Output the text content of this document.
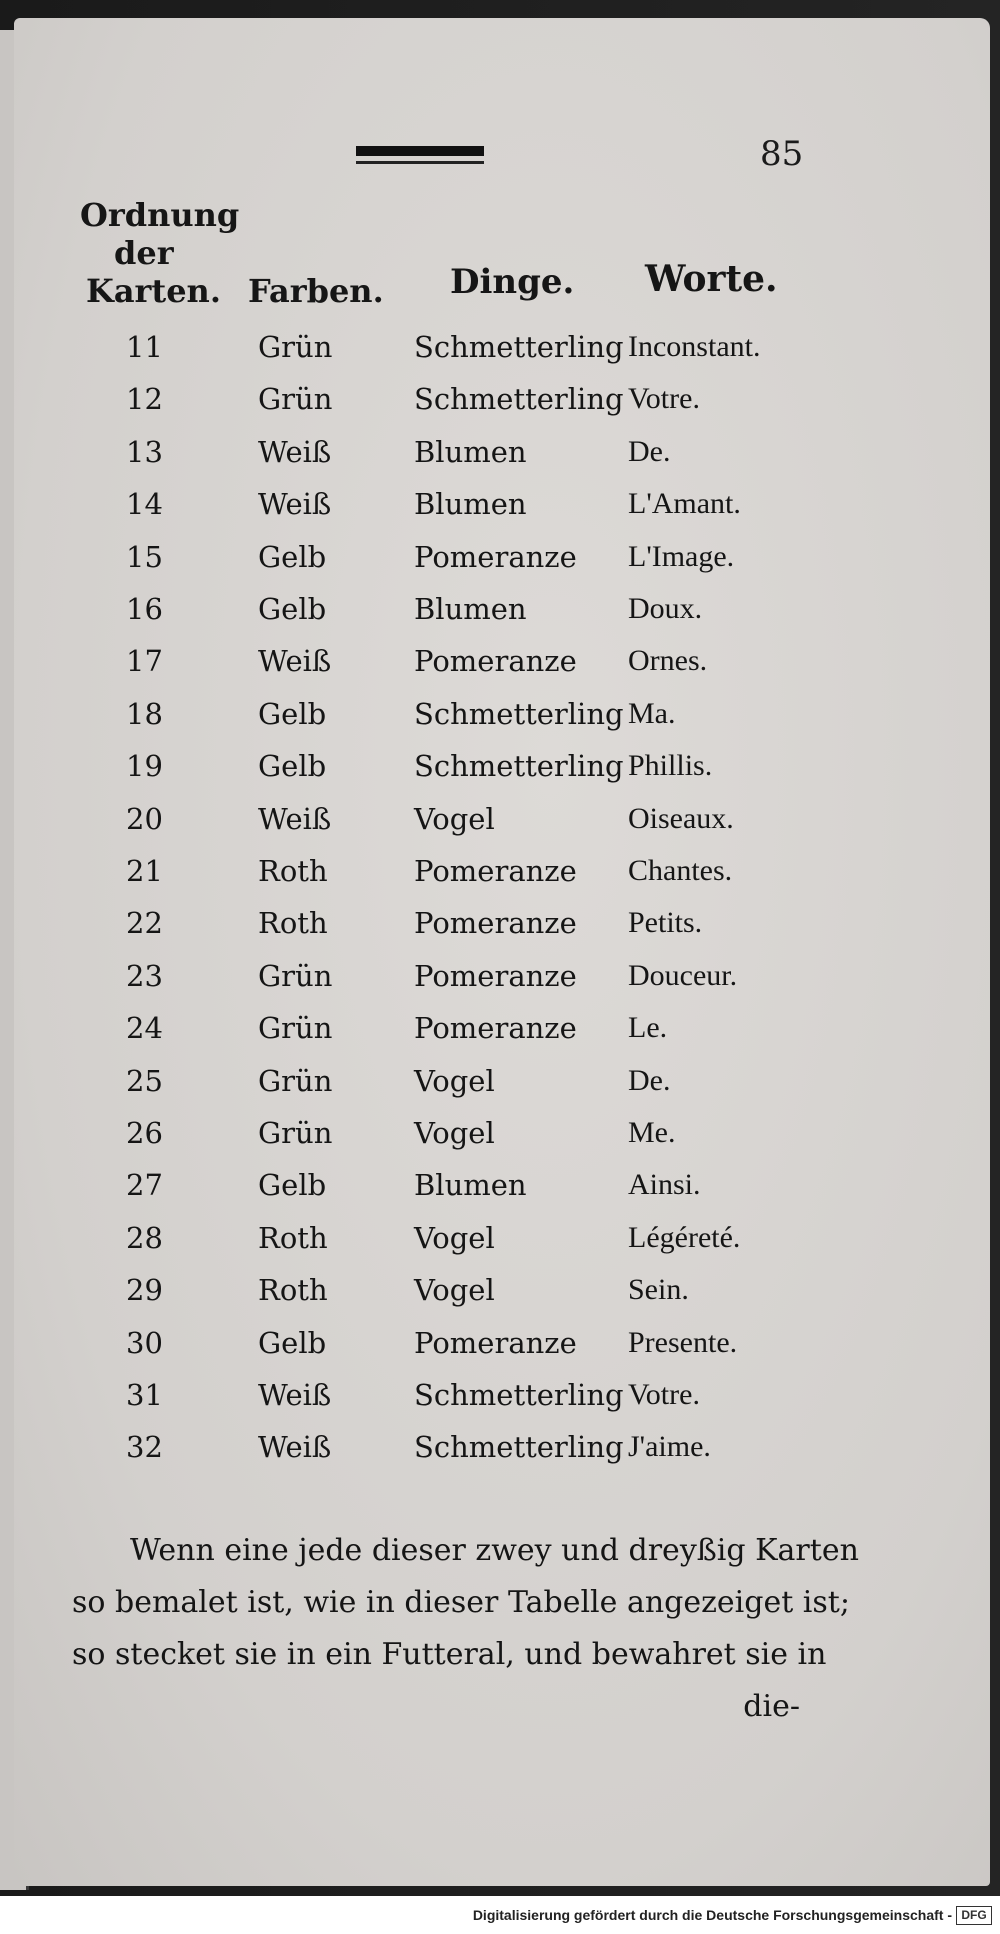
85
Ordnung
der
Karten. Farben. Dinge. Worte.
11	Grün	Schmetterling Inconstant.
12	Grün	Schmetterling Votre.
13	Weiß	Blumen	De.
14	Weiß	Blumen	L'Amant.
15	Gelb	Pomeranze L'Image.
16	Gelb	Blumen	Doux.
17	Weiß	Pomeranze Ornes.
18	Gelb	Schmetterling Ma.
19	Gelb	Schmetterling Phillis.
20	Weiß	Vogel	Oiseaux.
21	Roth	Pomeranze Chantes.
22	Roth	Pomeranze Petits.
23	Grün	Pomeranze Douceur.
24	Grün	Pomeranze Le.
25	Grün	Vogel	De.
26	Grün	Vogel	Me.
27	Gelb	Blumen	Ainsi.
28	Roth	Vogel	Légéreté.
29	Roth	Vogel	Sein.
30	Gelb	Pomeranze Presente.
31	Weiß	Schmetterling Votre.
32	Weiß	Schmetterling J'aime.
Wenn eine jede dieser zwey und dreyßig Karten
so bemalet ist, wie in dieser Tabelle angezeiget ist;
so stecket sie in ein Futteral, und bewahret sie in
die-
Digitalisierung gefördert durch die Deutsche Forschungsgemeinschaft - DFG
